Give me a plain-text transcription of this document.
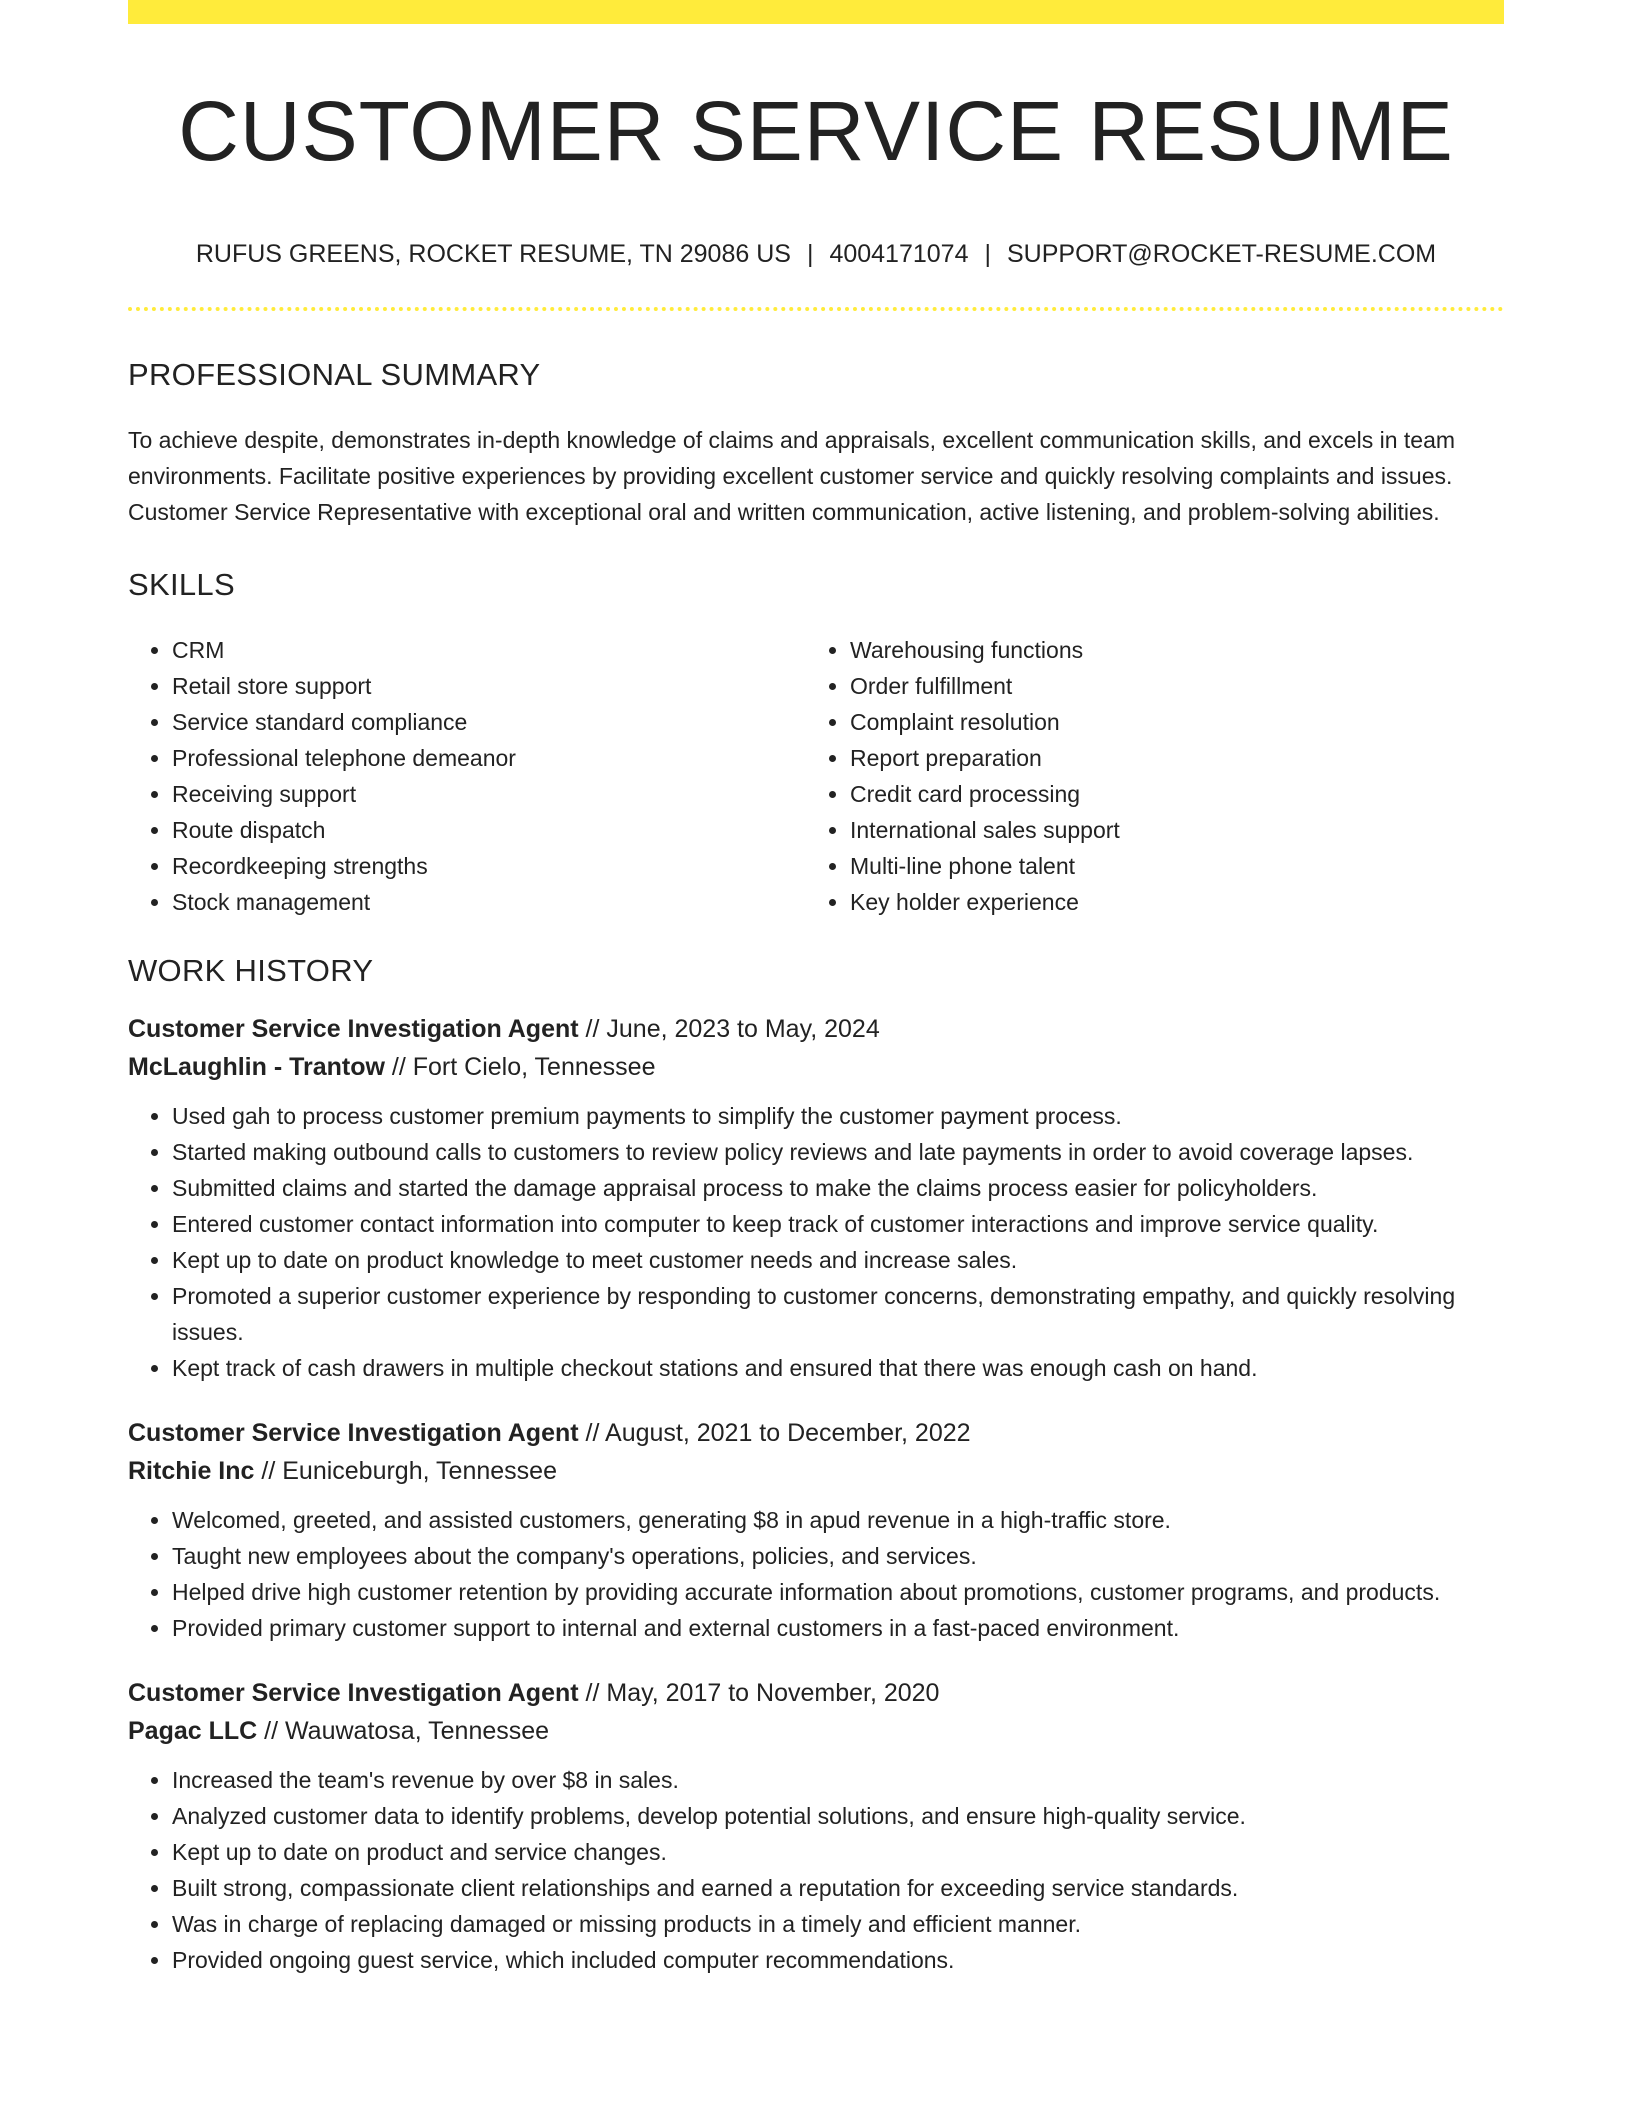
CUSTOMER SERVICE RESUME
RUFUS GREENS, ROCKET RESUME, TN 29086 US | 4004171074 | SUPPORT@ROCKET-RESUME.COM
PROFESSIONAL SUMMARY

To achieve despite, demonstrates in-depth knowledge of claims and appraisals, excellent communication skills, and excels in team environments. Facilitate positive experiences by providing excellent customer service and quickly resolving complaints and issues. Customer Service Representative with exceptional oral and written communication, active listening, and problem-solving abilities.

SKILLS
• CRM
• Retail store support
• Service standard compliance
• Professional telephone demeanor
• Receiving support
• Route dispatch
• Recordkeeping strengths
• Stock management
• Warehousing functions
• Order fulfillment
• Complaint resolution
• Report preparation
• Credit card processing
• International sales support
• Multi-line phone talent
• Key holder experience
WORK HISTORY

Customer Service Investigation Agent // June, 2023 to May, 2024

McLaughlin - Trantow // Fort Cielo, Tennessee

• Used gah to process customer premium payments to simplify the customer payment process.
• Started making outbound calls to customers to review policy reviews and late payments in order to avoid coverage lapses.
• Submitted claims and started the damage appraisal process to make the claims process easier for policyholders.
• Entered customer contact information into computer to keep track of customer interactions and improve service quality.
• Kept up to date on product knowledge to meet customer needs and increase sales.
• Promoted a superior customer experience by responding to customer concerns, demonstrating empathy, and quickly resolving issues.
• Kept track of cash drawers in multiple checkout stations and ensured that there was enough cash on hand.

Customer Service Investigation Agent // August, 2021 to December, 2022

Ritchie Inc // Euniceburgh, Tennessee

• Welcomed, greeted, and assisted customers, generating $8 in apud revenue in a high-traffic store.
• Taught new employees about the company's operations, policies, and services.
• Helped drive high customer retention by providing accurate information about promotions, customer programs, and products.
• Provided primary customer support to internal and external customers in a fast-paced environment.

Customer Service Investigation Agent // May, 2017 to November, 2020

Pagac LLC // Wauwatosa, Tennessee

• Increased the team's revenue by over $8 in sales.
• Analyzed customer data to identify problems, develop potential solutions, and ensure high-quality service.
• Kept up to date on product and service changes.
• Built strong, compassionate client relationships and earned a reputation for exceeding service standards.
• Was in charge of replacing damaged or missing products in a timely and efficient manner.
• Provided ongoing guest service, which included computer recommendations.
